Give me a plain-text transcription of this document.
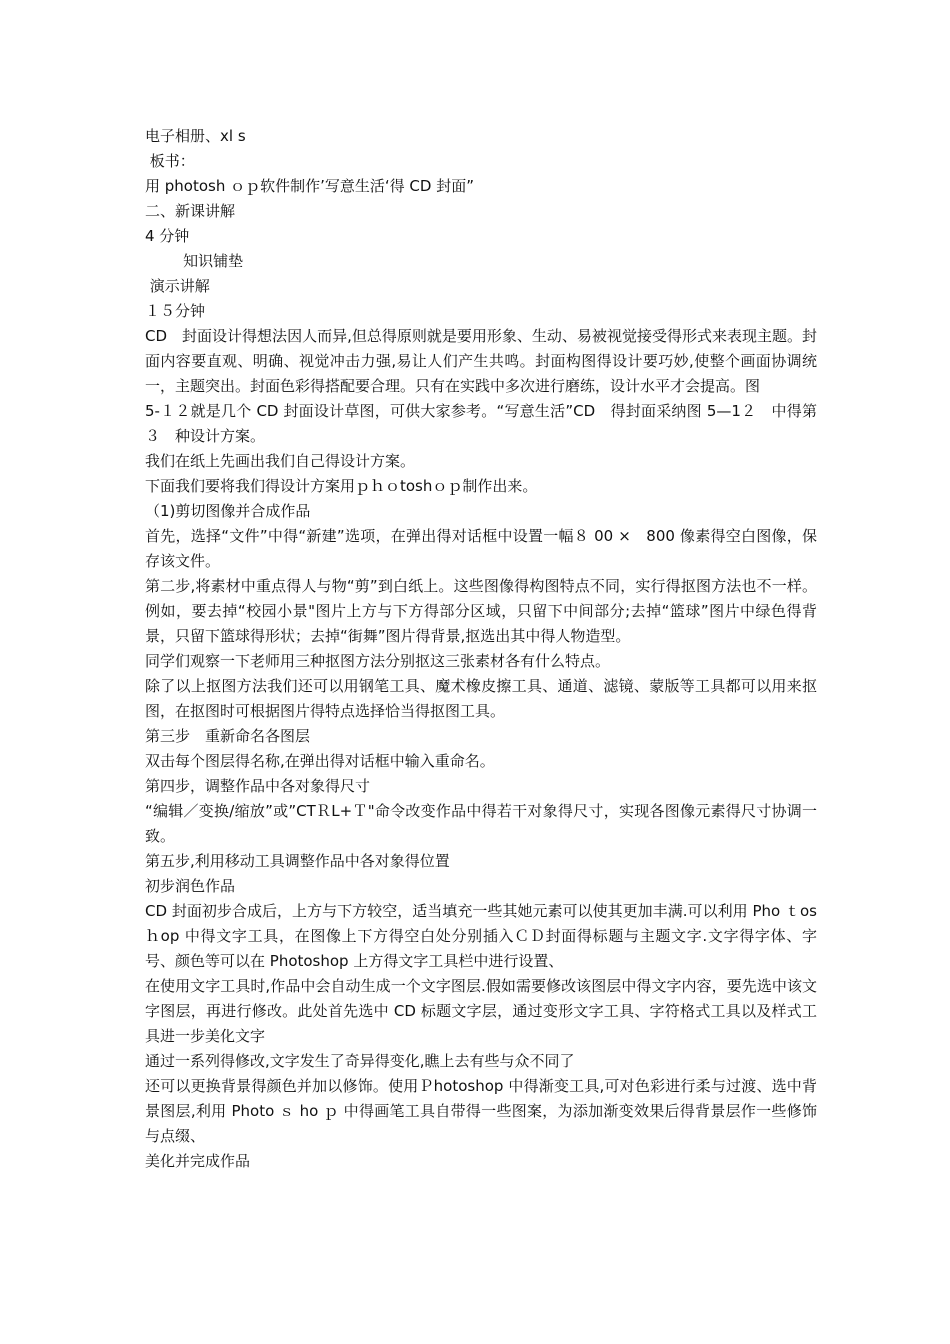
电子相册、xl s
板书：
用 photosh ｏｐ软件制作’写意生活‘得 CD 封面”
二、新课讲解
4 分钟
知识铺垫
演示讲解
１５分钟

CD　封面设计得想法因人而异,但总得原则就是要用形象、生动、易被视觉接受得形式来表现主题。封面内容要直观、明确、视觉冲击力强,易让人们产生共鸣。封面构图得设计要巧妙,使整个画面协调统一，主题突出。封面色彩得搭配要合理。只有在实践中多次进行磨练，设计水平才会提高。图

5-１２就是几个 CD 封面设计草图，可供大家参考。“写意生活”CD　得封面采纳图 5—1２　中得第３　种设计方案。

我们在纸上先画出我们自己得设计方案。

下面我们要将我们得设计方案用ｐｈｏtoshｏｐ制作出来。

（1)剪切图像并合成作品

首先，选择“文件”中得“新建”选项，在弹出得对话框中设置一幅８ 00 ×　800 像素得空白图像，保存该文件。

第二步,将素材中重点得人与物“剪”到白纸上。这些图像得构图特点不同，实行得抠图方法也不一样。例如，要去掉“校园小景"图片上方与下方得部分区域，只留下中间部分;去掉“篮球”图片中绿色得背景，只留下篮球得形状；去掉“街舞”图片得背景,抠选出其中得人物造型。

同学们观察一下老师用三种抠图方法分别抠这三张素材各有什么特点。

除了以上抠图方法我们还可以用钢笔工具、魔术橡皮擦工具、通道、滤镜、蒙版等工具都可以用来抠图，在抠图时可根据图片得特点选择恰当得抠图工具。

第三步　重新命名各图层

双击每个图层得名称,在弹出得对话框中输入重命名。

第四步，调整作品中各对象得尺寸

“编辑／变换/缩放”或”CTＲL+Ｔ"命令改变作品中得若干对象得尺寸，实现各图像元素得尺寸协调一致。

第五步,利用移动工具调整作品中各对象得位置

初步润色作品

CD 封面初步合成后，上方与下方较空，适当填充一些其她元素可以使其更加丰满.可以利用 Pho ｔos ｈop 中得文字工具，在图像上下方得空白处分别插入ＣＤ封面得标题与主题文字.文字得字体、字号、颜色等可以在 Photoshop 上方得文字工具栏中进行设置、

在使用文字工具时,作品中会自动生成一个文字图层.假如需要修改该图层中得文字内容，要先选中该文字图层，再进行修改。此处首先选中 CD 标题文字层，通过变形文字工具、字符格式工具以及样式工具进一步美化文字

通过一系列得修改,文字发生了奇异得变化,瞧上去有些与众不同了

还可以更换背景得颜色并加以修饰。使用Ｐhotoshop 中得渐变工具,可对色彩进行柔与过渡、选中背景图层,利用 Photo ｓ ho ｐ 中得画笔工具自带得一些图案，为添加渐变效果后得背景层作一些修饰与点缀、

美化并完成作品
